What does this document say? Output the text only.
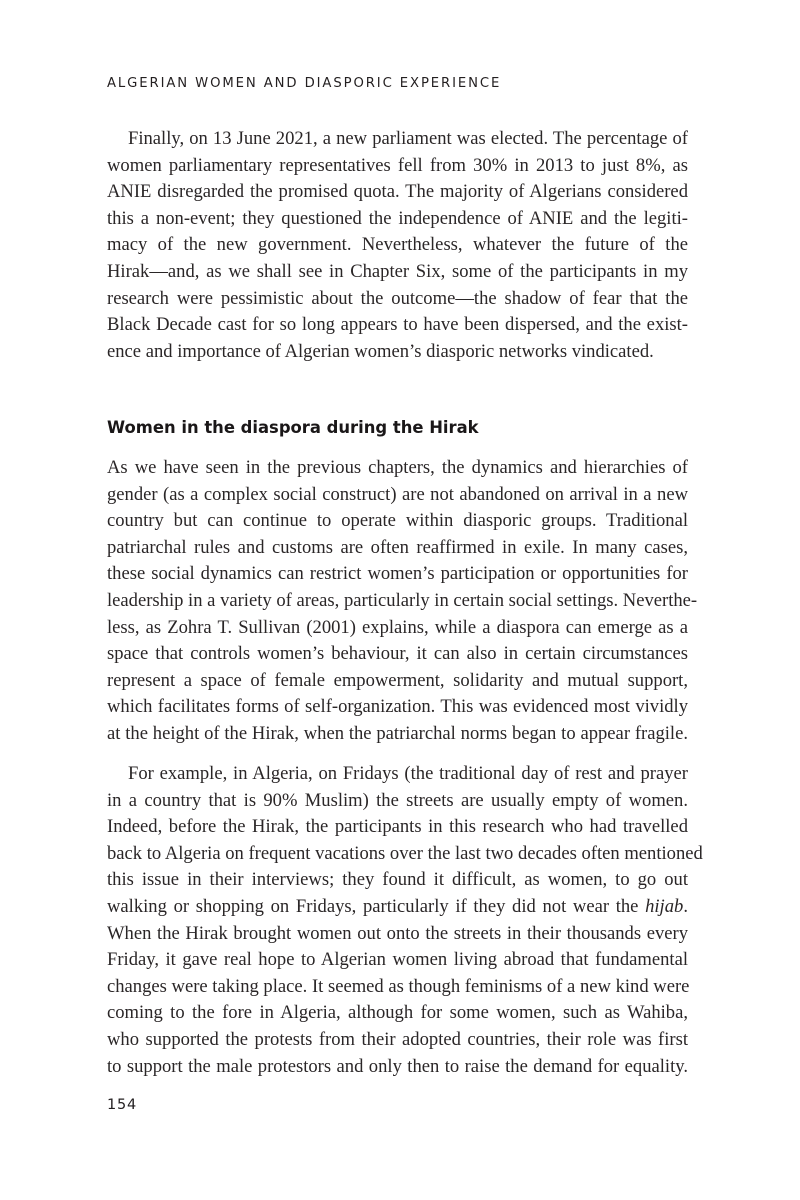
ALGERIAN WOMEN AND DIASPORIC EXPERIENCE
Finally, on 13 June 2021, a new parliament was elected. The percentage of
women parliamentary representatives fell from 30% in 2013 to just 8%, as
ANIE disregarded the promised quota. The majority of Algerians considered
this a non-event; they questioned the independence of ANIE and the legiti-
macy of the new government. Nevertheless, whatever the future of the
Hirak—and, as we shall see in Chapter Six, some of the participants in my
research were pessimistic about the outcome—the shadow of fear that the
Black Decade cast for so long appears to have been dispersed, and the exist-
ence and importance of Algerian women’s diasporic networks vindicated.
Women in the diaspora during the Hirak
As we have seen in the previous chapters, the dynamics and hierarchies of
gender (as a complex social construct) are not abandoned on arrival in a new
country but can continue to operate within diasporic groups. Traditional
patriarchal rules and customs are often reaffirmed in exile. In many cases,
these social dynamics can restrict women’s participation or opportunities for
leadership in a variety of areas, particularly in certain social settings. Neverthe-
less, as Zohra T. Sullivan (2001) explains, while a diaspora can emerge as a
space that controls women’s behaviour, it can also in certain circumstances
represent a space of female empowerment, solidarity and mutual support,
which facilitates forms of self-organization. This was evidenced most vividly
at the height of the Hirak, when the patriarchal norms began to appear fragile.
For example, in Algeria, on Fridays (the traditional day of rest and prayer
in a country that is 90% Muslim) the streets are usually empty of women.
Indeed, before the Hirak, the participants in this research who had travelled
back to Algeria on frequent vacations over the last two decades often mentioned
this issue in their interviews; they found it difficult, as women, to go out
walking or shopping on Fridays, particularly if they did not wear the hijab.
When the Hirak brought women out onto the streets in their thousands every
Friday, it gave real hope to Algerian women living abroad that fundamental
changes were taking place. It seemed as though feminisms of a new kind were
coming to the fore in Algeria, although for some women, such as Wahiba,
who supported the protests from their adopted countries, their role was first
to support the male protestors and only then to raise the demand for equality.
154
